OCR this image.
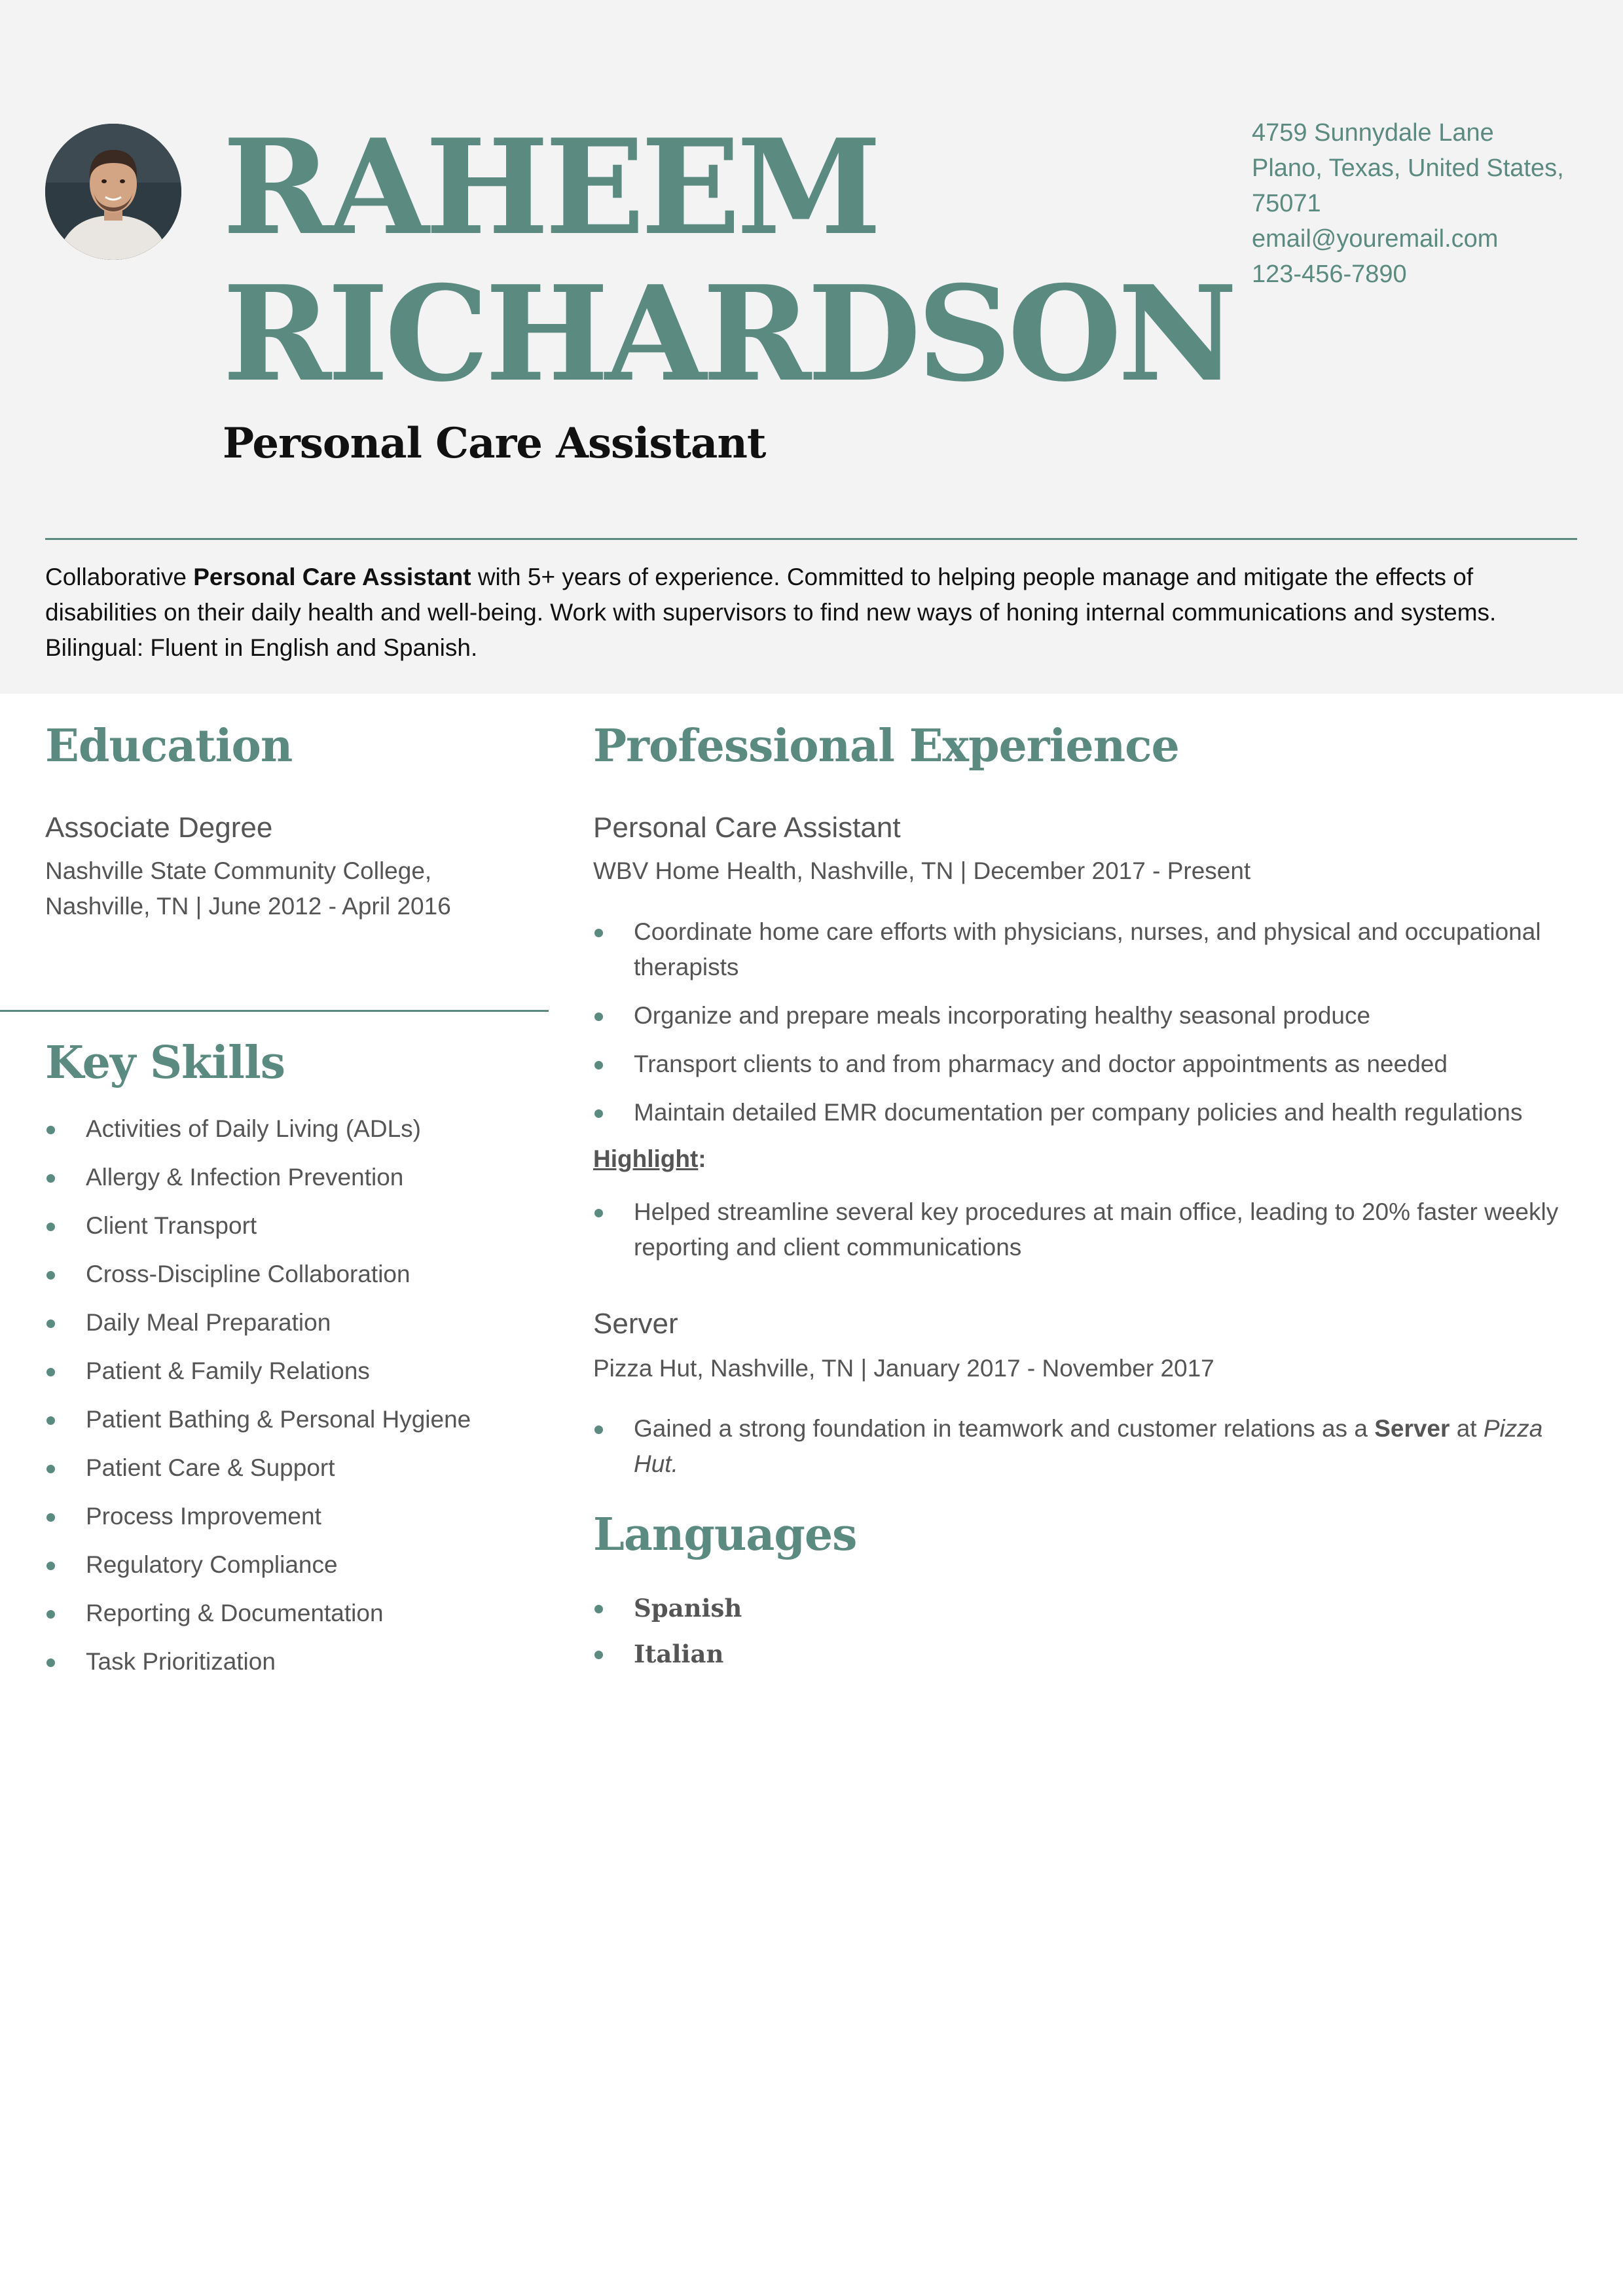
RAHEEM
RICHARDSON
Personal Care Assistant
4759 Sunnydale Lane
Plano, Texas, United States,
75071
email@youremail.com
123-456-7890

Collaborative Personal Care Assistant with 5+ years of experience. Committed to helping people manage and mitigate the effects of disabilities on their daily health and well-being. Work with supervisors to find new ways of honing internal communications and systems. Bilingual: Fluent in English and Spanish.

Education
Associate Degree
Nashville State Community College,
Nashville, TN | June 2012 - April 2016
Key Skills
Activities of Daily Living (ADLs)
Allergy & Infection Prevention
Client Transport
Cross-Discipline Collaboration
Daily Meal Preparation
Patient & Family Relations
Patient Bathing & Personal Hygiene
Patient Care & Support
Process Improvement
Regulatory Compliance
Reporting & Documentation
Task Prioritization
Professional Experience
Personal Care Assistant
WBV Home Health, Nashville, TN | December 2017 - Present
Coordinate home care efforts with physicians, nurses, and physical and occupational therapists
Organize and prepare meals incorporating healthy seasonal produce
Transport clients to and from pharmacy and doctor appointments as needed
Maintain detailed EMR documentation per company policies and health regulations
Highlight:
Helped streamline several key procedures at main office, leading to 20% faster weekly reporting and client communications
Server
Pizza Hut, Nashville, TN | January 2017 - November 2017
Gained a strong foundation in teamwork and customer relations as a Server at Pizza Hut.
Languages
Spanish
Italian
